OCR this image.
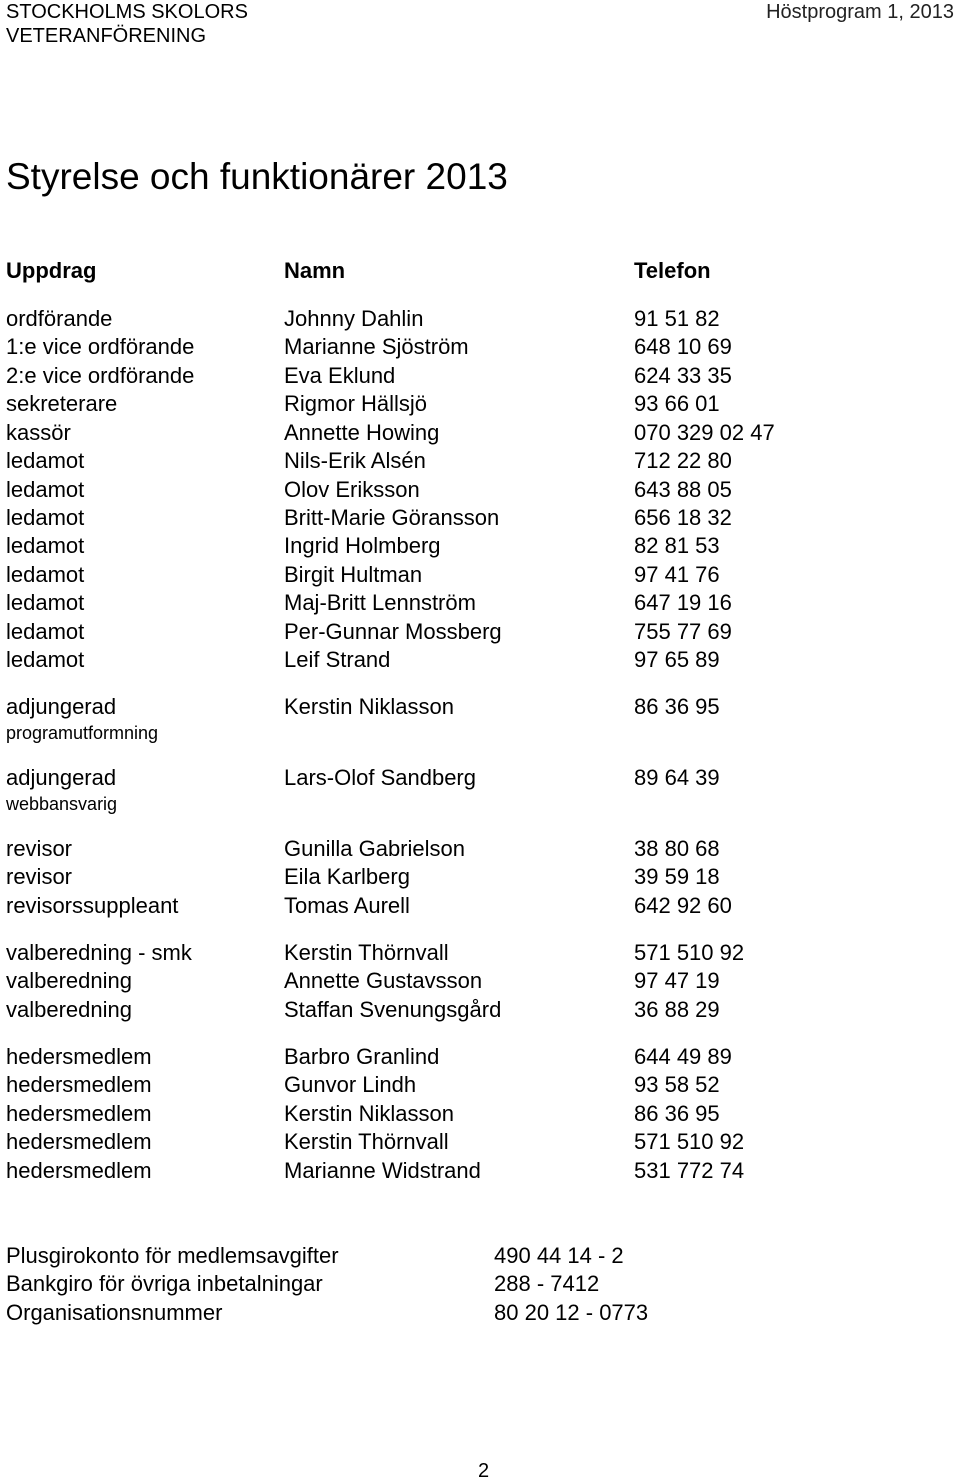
STOCKHOLMS SKOLORS
VETERANFÖRENING
Höstprogram 1, 2013
Styrelse och funktionärer 2013
Uppdrag	Namn	Telefon
ordförande	Johnny Dahlin	91 51 82
1:e vice ordförande	Marianne Sjöström	648 10 69
2:e vice ordförande	Eva Eklund	624 33 35
sekreterare	Rigmor Hällsjö	93 66 01
kassör	Annette Howing	070 329 02 47
ledamot	Nils-Erik Alsén	712 22 80
ledamot	Olov Eriksson	643 88 05
ledamot	Britt-Marie Göransson	656 18 32
ledamot	Ingrid Holmberg	82 81 53
ledamot	Birgit Hultman	97 41 76
ledamot	Maj-Britt Lennström	647 19 16
ledamot	Per-Gunnar Mossberg	755 77 69
ledamot	Leif Strand	97 65 89
adjungerad	Kerstin Niklasson	86 36 95
programutformning
adjungerad	Lars-Olof Sandberg	89 64 39
webbansvarig
revisor	Gunilla Gabrielson	38 80 68
revisor	Eila Karlberg	39 59 18
revisorssuppleant	Tomas Aurell	642 92 60
valberedning - smk	Kerstin Thörnvall	571 510 92
valberedning	Annette Gustavsson	97 47 19
valberedning	Staffan Svenungsgård	36 88 29
hedersmedlem	Barbro Granlind	644 49 89
hedersmedlem	Gunvor Lindh	93 58 52
hedersmedlem	Kerstin Niklasson	86 36 95
hedersmedlem	Kerstin Thörnvall	571 510 92
hedersmedlem	Marianne Widstrand	531 772 74
Plusgirokonto för medlemsavgifter	490 44 14 - 2
Bankgiro för övriga inbetalningar	288 - 7412
Organisationsnummer	80 20 12 - 0773
2
